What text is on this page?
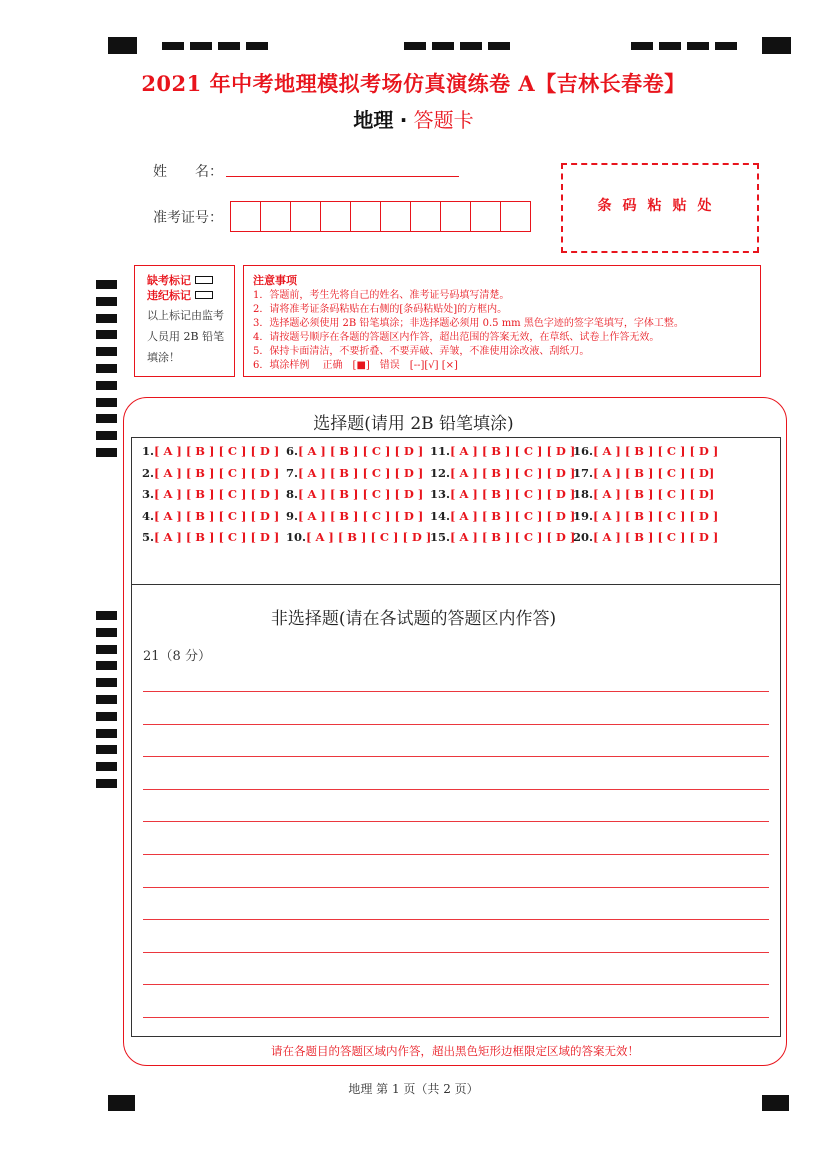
2021 年中考地理模拟考场仿真演练卷 A【吉林长春卷】
地理 · 答题卡
姓　　名：
准考证号：
条码粘贴处
缺考标记
违纪标记
以上标记由监考人员用 2B 铅笔填涂！
注意事项
1．答题前，考生先将自己的姓名、准考证号码填写清楚。
2．请将准考证条码粘贴在右侧的[条码粘贴处]的方框内。
3．选择题必须使用 2B 铅笔填涂；非选择题必须用 0.5 mm 黑色字迹的签字笔填写，字体工整。
4．请按题号顺序在各题的答题区内作答，超出范围的答案无效，在草纸、试卷上作答无效。
5．保持卡面清洁，不要折叠、不要弄破、弄皱，不准使用涂改液、刮纸刀。
6．填涂样例　 正确　[■]　错误　[--][√] [×]
选择题(请用 2B 铅笔填涂)
1.[ A ] [ B ] [ C ] [ D ]
2.[ A ] [ B ] [ C ] [ D ]
3.[ A ] [ B ] [ C ] [ D ]
4.[ A ] [ B ] [ C ] [ D ]
5.[ A ] [ B ] [ C ] [ D ]
6.[ A ] [ B ] [ C ] [ D ]
7.[ A ] [ B ] [ C ] [ D ]
8.[ A ] [ B ] [ C ] [ D ]
9.[ A ] [ B ] [ C ] [ D ]
10.[ A ] [ B ] [ C ] [ D ]
11.[ A ] [ B ] [ C ] [ D ]
12.[ A ] [ B ] [ C ] [ D ]
13.[ A ] [ B ] [ C ] [ D ]
14.[ A ] [ B ] [ C ] [ D ]
15.[ A ] [ B ] [ C ] [ D ]
16.[ A ] [ B ] [ C ] [ D ]
17.[ A ] [ B ] [ C ] [ D]
18.[ A ] [ B ] [ C ] [ D]
19.[ A ] [ B ] [ C ] [ D ]
20.[ A ] [ B ] [ C ] [ D ]
非选择题(请在各试题的答题区内作答)
21（8 分）
请在各题目的答题区域内作答，超出黑色矩形边框限定区域的答案无效！
地理 第 1 页（共 2 页）
